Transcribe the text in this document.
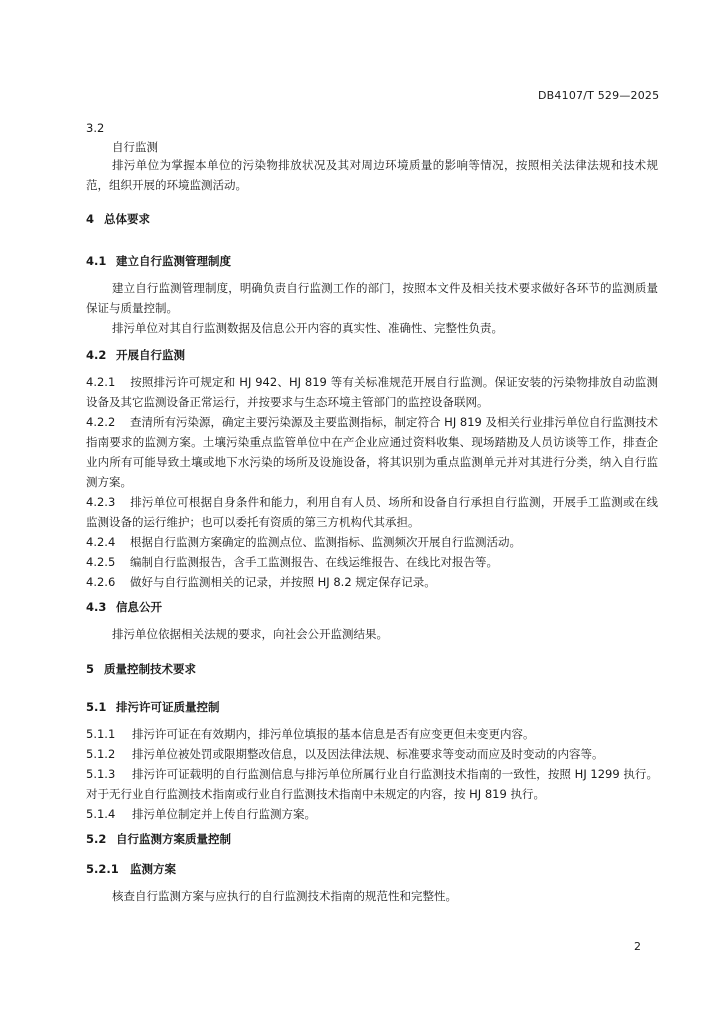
DB4107/T 529—2025
3.2
自行监测
排污单位为掌握本单位的污染物排放状况及其对周边环境质量的影响等情况，按照相关法律法规和技术规范，组织开展的环境监测活动。
4 总体要求
4.1 建立自行监测管理制度
建立自行监测管理制度，明确负责自行监测工作的部门，按照本文件及相关技术要求做好各环节的监测质量保证与质量控制。
排污单位对其自行监测数据及信息公开内容的真实性、准确性、完整性负责。
4.2 开展自行监测
4.2.1 按照排污许可规定和 HJ 942、HJ 819 等有关标准规范开展自行监测。保证安装的污染物排放自动监测设备及其它监测设备正常运行，并按要求与生态环境主管部门的监控设备联网。
4.2.2 查清所有污染源，确定主要污染源及主要监测指标，制定符合 HJ 819 及相关行业排污单位自行监测技术指南要求的监测方案。土壤污染重点监管单位中在产企业应通过资料收集、现场踏勘及人员访谈等工作，排查企业内所有可能导致土壤或地下水污染的场所及设施设备，将其识别为重点监测单元并对其进行分类，纳入自行监测方案。
4.2.3 排污单位可根据自身条件和能力，利用自有人员、场所和设备自行承担自行监测，开展手工监测或在线监测设备的运行维护；也可以委托有资质的第三方机构代其承担。
4.2.4 根据自行监测方案确定的监测点位、监测指标、监测频次开展自行监测活动。
4.2.5 编制自行监测报告，含手工监测报告、在线运维报告、在线比对报告等。
4.2.6 做好与自行监测相关的记录，并按照 HJ 8.2 规定保存记录。
4.3 信息公开
排污单位依据相关法规的要求，向社会公开监测结果。
5 质量控制技术要求
5.1 排污许可证质量控制
5.1.1 排污许可证在有效期内，排污单位填报的基本信息是否有应变更但未变更内容。
5.1.2 排污单位被处罚或限期整改信息，以及因法律法规、标准要求等变动而应及时变动的内容等。
5.1.3 排污许可证载明的自行监测信息与排污单位所属行业自行监测技术指南的一致性，按照 HJ 1299 执行。对于无行业自行监测技术指南或行业自行监测技术指南中未规定的内容，按 HJ 819 执行。
5.1.4 排污单位制定并上传自行监测方案。
5.2 自行监测方案质量控制
5.2.1 监测方案
核查自行监测方案与应执行的自行监测技术指南的规范性和完整性。
2
